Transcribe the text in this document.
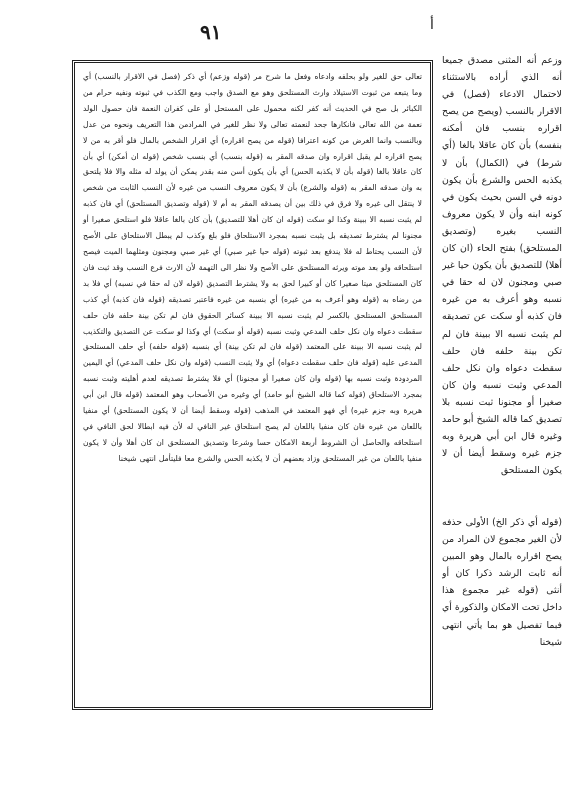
٩١	أ
تعالى حق للغير ولو بحلفه وادعاه وفعل ما شرح مر (قوله وزعم) أي ذكر (فصل في الاقرار بالنسب) أي وما يتبعه من ثبوت الاستيلاد وارث المستلحق وهو مع الصدق واجب ومع الكذب في ثبوته ونفيه حرام من الكبائر بل صح في الحديث أنه كفر لكنه محمول على المستحل أو على كفران النعمة فان حصول الولد نعمة من الله تعالى فانكارها جحد لنعمته تعالى ولا نظر للغير في المرادمن هذا التعريف ونحوه من عدل وبالنسب وانما الغرض من كونه اعترافا (قوله من يصح اقراره) أي اقرار الشخص بالمال فلو أقر به من لا يصح اقراره لم يقبل اقراره وان صدقه المقر به (قوله بنسب) أي بنسب شخص (قوله ان أمكن) أي بأن كان عاقلا بالغا (قوله بأن لا يكذبه الحس) أي بأن يكون أسن منه بقدر يمكن أن يولد له مثله والا فلا يلتحق به وان صدقه المقر به (قوله والشرع) بأن لا يكون معروف النسب من غيره لأن النسب الثابت من شخص لا ينتقل الى غيره ولا فرق في ذلك بين أن يصدقه المقر به أم لا (قوله وتصديق المستلحق) أي فان كذبه لم يثبت نسبه الا ببينة وكذا لو سكت (قوله ان كان أهلا للتصديق) بأن كان بالغا عاقلا فلو استلحق صغيرا أو مجنونا لم يشترط تصديقه بل يثبت نسبه بمجرد الاستلحاق فلو بلغ وكذب لم يبطل الاستلحاق على الأصح لأن النسب يحتاط له فلا يندفع بعد ثبوته (قوله حيا غير صبي) أي غير صبي ومجنون ومثلهما الميت فيصح استلحاقه ولو بعد موته ويرثه المستلحق على الأصح ولا نظر الى التهمة لأن الارث فرع النسب وقد ثبت فان كان المستلحق ميتا صغيرا كان أو كبيرا لحق به ولا يشترط التصديق (قوله لان له حقا في نسبه) أي فلا بد من رضاه به (قوله وهو أعرف به من غيره) أي بنسبه من غيره فاعتبر تصديقه (قوله فان كذبه) أي كذب المستلحق المستلحق بالكسر لم يثبت نسبه الا ببينة كسائر الحقوق فان لم تكن بينة حلفه فان حلف سقطت دعواه وان نكل حلف المدعي وثبت نسبه (قوله أو سكت) أي وكذا لو سكت عن التصديق والتكذيب لم يثبت نسبه الا ببينة على المعتمد (قوله فان لم تكن بينة) أي بنسبه (قوله حلفه) أي حلف المستلحق المدعى عليه (قوله فان حلف سقطت دعواه) أي ولا يثبت النسب (قوله وان نكل حلف المدعي) أي اليمين المردودة وثبت نسبه بها (قوله وان كان صغيرا أو مجنونا) أي فلا يشترط تصديقه لعدم أهليته وثبت نسبه بمجرد الاستلحاق (قوله كما قاله الشيخ أبو حامد) أي وغيره من الأصحاب وهو المعتمد (قوله قال ابن أبي هريرة وبه جزم غيره) أي فهو المعتمد في المذهب (قوله وسقط أيضا أن لا يكون المستلحق) أي منفيا باللعان من غيره فان كان منفيا باللعان لم يصح استلحاق غير النافي له لأن فيه ابطالا لحق النافي في استلحاقه والحاصل أن الشروط أربعة الامكان حسا وشرعا وتصديق المستلحق ان كان أهلا وأن لا يكون منفيا باللعان من غير المستلحق وزاد بعضهم أن لا يكذبه الحس والشرع معا فليتأمل انتهى شيخنا
وزعم أنه المثنى مصدق جميعا أنه الذي أراده بالاستثناء لاحتمال الادعاء (فصل) في الاقرار بالنسب (ويصح من يصح اقراره بنسب فان أمكنه بنفسه) بأن كان عاقلا بالغا (أي شرط) في (الكمال) بأن لا يكذبه الحس والشرع بأن يكون دونه في السن بحيث يكون في كونه ابنه وأن لا يكون معروف النسب بغيره (وتصديق المستلحق) بفتح الحاء (ان كان أهلا) للتصديق بأن يكون حيا غير صبي ومجنون لان له حقا في نسبه وهو أعرف به من غيره فان كذبه أو سكت عن تصديقه لم يثبت نسبه الا ببينة فان لم تكن بينة حلفه فان حلف سقطت دعواه وان نكل حلف المدعي وثبت نسبه وان كان صغيرا أو مجنونا ثبت نسبه بلا تصديق كما قاله الشيخ أبو حامد وغيره قال ابن أبي هريرة وبه جزم غيره وسقط أيضا أن لا يكون المستلحق
(قوله أي ذكر الخ) الأولى حذفه لأن الغير مجموع لان المراد من يصح اقراره بالمال وهو المبين أنه ثابت الرشد ذكرا كان أو أنثى (قوله غير مجموع هذا داخل تحت الامكان والذكورة أي فبما تفصيل هو بما يأتي انتهى شيخنا
